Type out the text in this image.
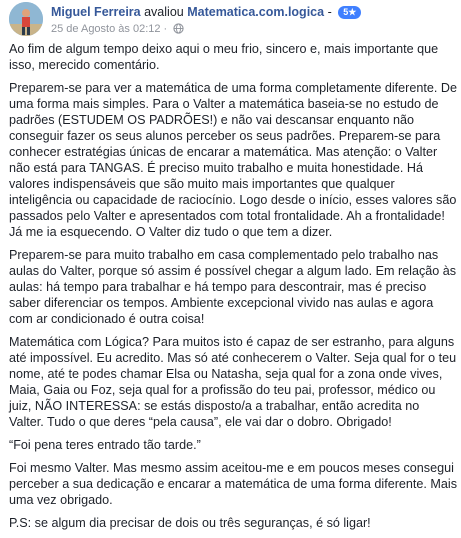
Miguel Ferreira avaliou Matematica.com.logica - 5★
25 de Agosto às 02:12 ·

Ao fim de algum tempo deixo aqui o meu frio, sincero e, mais importante que isso, merecido comentário.

Preparem-se para ver a matemática de uma forma completamente diferente. De uma forma mais simples. Para o Valter a matemática baseia-se no estudo de padrões (ESTUDEM OS PADRÕES!) e não vai descansar enquanto não conseguir fazer os seus alunos perceber os seus padrões. Preparem-se para conhecer estratégias únicas de encarar a matemática. Mas atenção: o Valter não está para TANGAS. É preciso muito trabalho e muita honestidade. Há valores indispensáveis que são muito mais importantes que qualquer inteligência ou capacidade de raciocínio. Logo desde o início, esses valores são passados pelo Valter e apresentados com total frontalidade. Ah a frontalidade! Já me ia esquecendo. O Valter diz tudo o que tem a dizer.

Preparem-se para muito trabalho em casa complementado pelo trabalho nas aulas do Valter, porque só assim é possível chegar a algum lado. Em relação às aulas: há tempo para trabalhar e há tempo para descontrair, mas é preciso saber diferenciar os tempos. Ambiente excepcional vivido nas aulas e agora com ar condicionado é outra coisa!

Matemática com Lógica? Para muitos isto é capaz de ser estranho, para alguns até impossível. Eu acredito. Mas só até conhecerem o Valter. Seja qual for o teu nome, até te podes chamar Elsa ou Natasha, seja qual for a zona onde vives, Maia, Gaia ou Foz, seja qual for a profissão do teu pai, professor, médico ou juiz, NÃO INTERESSA: se estás disposto/a a trabalhar, então acredita no Valter. Tudo o que deres “pela causa”, ele vai dar o dobro. Obrigado!

“Foi pena teres entrado tão tarde.”

Foi mesmo Valter. Mas mesmo assim aceitou-me e em poucos meses consegui perceber a sua dedicação e encarar a matemática de uma forma diferente. Mais uma vez obrigado.

P.S: se algum dia precisar de dois ou três seguranças, é só ligar!
